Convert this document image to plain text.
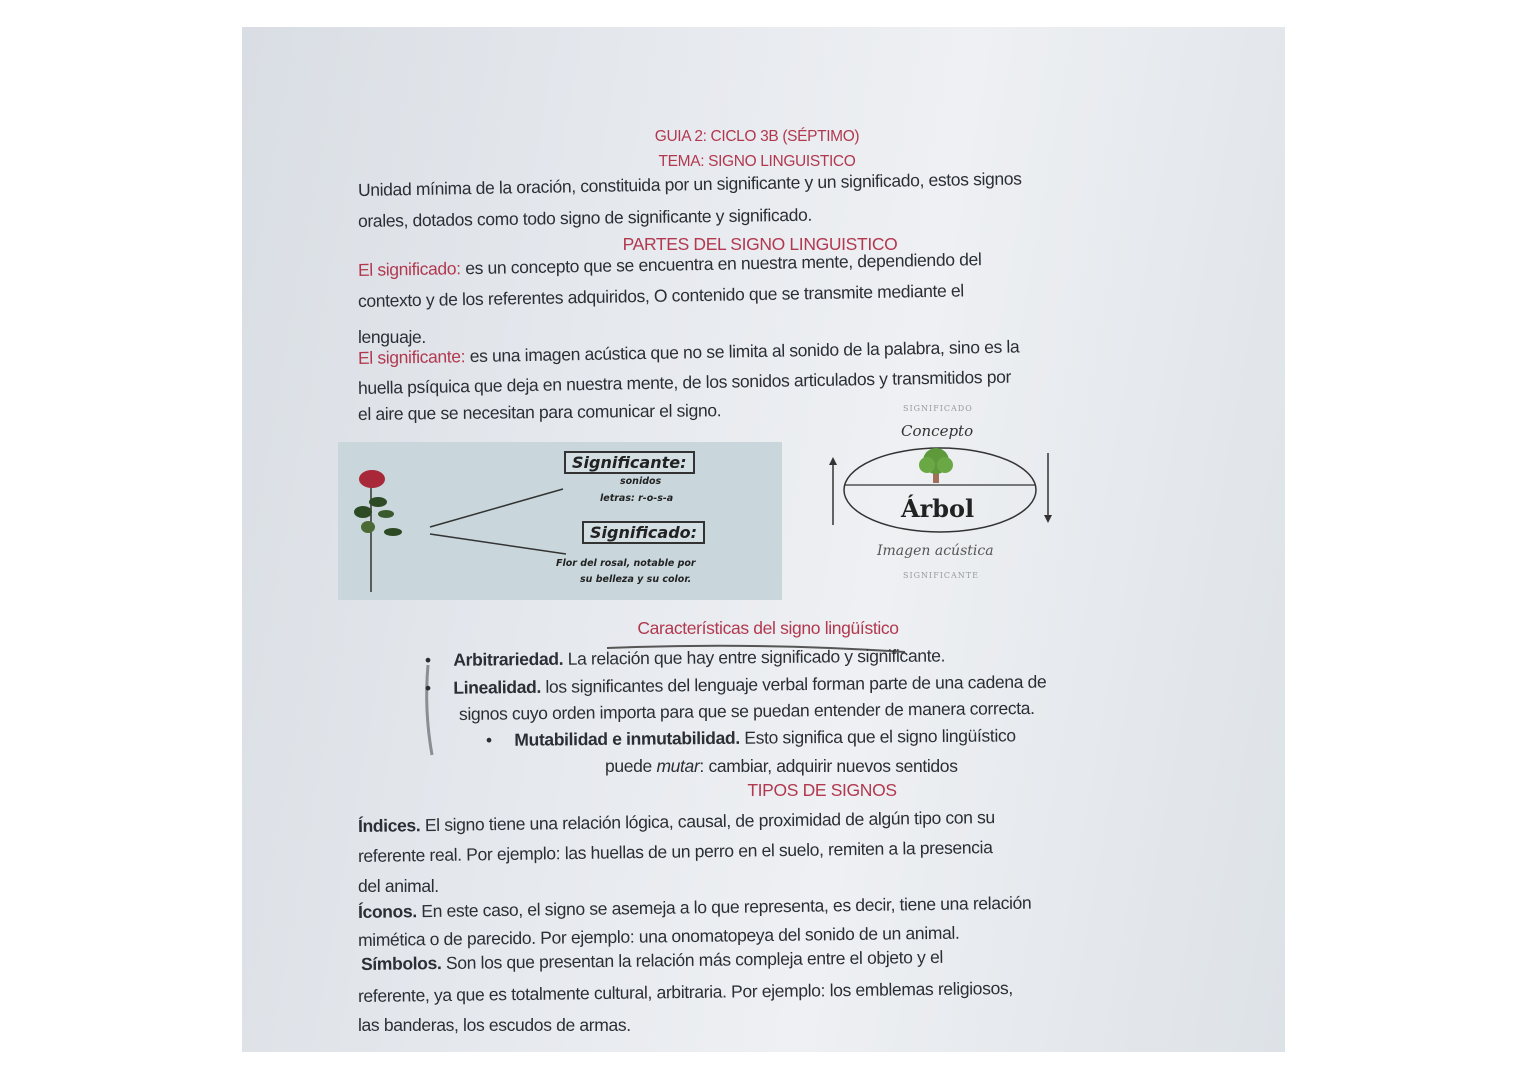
GUIA 2: CICLO 3B (SÉPTIMO)
TEMA: SIGNO LINGUISTICO
Unidad mínima de la oración, constituida por un significante y un significado, estos signos
orales, dotados como todo signo de significante y significado.
PARTES DEL SIGNO LINGUISTICO
El significado: es un concepto que se encuentra en nuestra mente, dependiendo del
contexto y de los referentes adquiridos, O contenido que se transmite mediante el
lenguaje.
El significante: es una imagen acústica que no se limita al sonido de la palabra, sino es la
huella psíquica que deja en nuestra mente, de los sonidos articulados y transmitidos por
el aire que se necesitan para comunicar el signo.
Significante:
sonidos
letras: r-o-s-a
Significado:
Flor del rosal, notable por
su belleza y su color.
SIGNIFICADO
Concepto
Árbol
Imagen acústica
SIGNIFICANTE
Características del signo lingüístico
•     Arbitrariedad. La relación que hay entre significado y significante.
•     Linealidad. los significantes del lenguaje verbal forman parte de una cadena de
signos cuyo orden importa para que se puedan entender de manera correcta.
•     Mutabilidad e inmutabilidad. Esto significa que el signo lingüístico
puede mutar: cambiar, adquirir nuevos sentidos
TIPOS DE SIGNOS
Índices. El signo tiene una relación lógica, causal, de proximidad de algún tipo con su
referente real. Por ejemplo: las huellas de un perro en el suelo, remiten a la presencia
del animal.
Íconos. En este caso, el signo se asemeja a lo que representa, es decir, tiene una relación
mimética o de parecido. Por ejemplo: una onomatopeya del sonido de un animal.
Símbolos. Son los que presentan la relación más compleja entre el objeto y el
referente, ya que es totalmente cultural, arbitraria. Por ejemplo: los emblemas religiosos,
las banderas, los escudos de armas.
